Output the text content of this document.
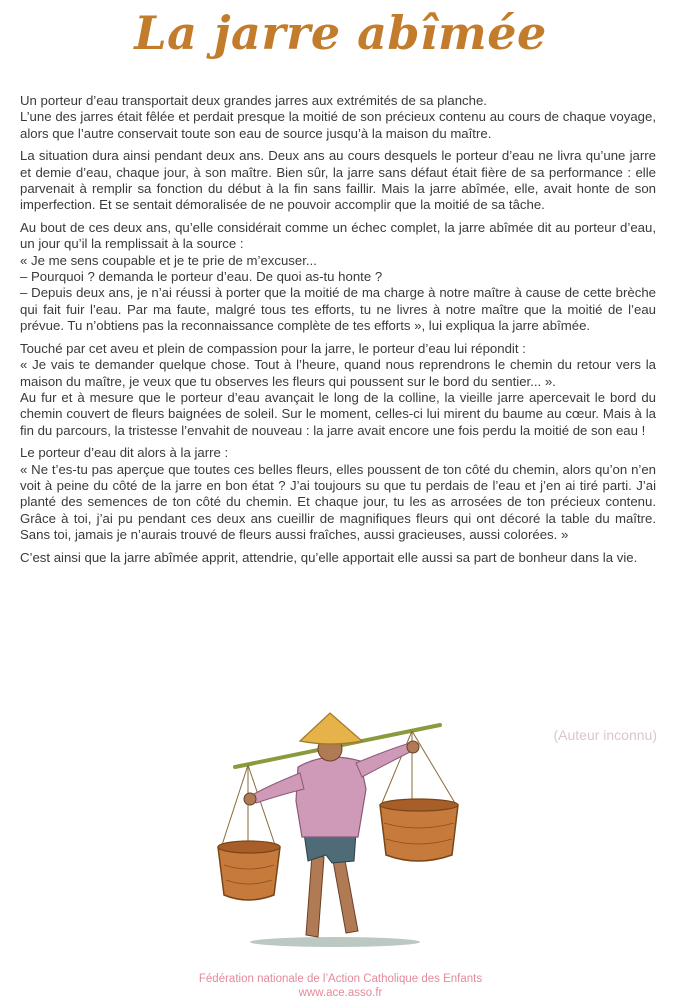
La jarre abîmée

Un porteur d’eau transportait deux grandes jarres aux extrémités de sa planche.
L’une des jarres était fêlée et perdait presque la moitié de son précieux contenu au cours de chaque voyage, alors que l’autre conservait toute son eau de source jusqu’à la maison du maître.

La situation dura ainsi pendant deux ans. Deux ans au cours desquels le porteur d’eau ne livra qu’une jarre et demie d’eau, chaque jour, à son maître. Bien sûr, la jarre sans défaut était fière de sa performance : elle parvenait à remplir sa fonction du début à la fin sans faillir. Mais la jarre abîmée, elle, avait honte de son imperfection. Et se sentait démoralisée de ne pouvoir accomplir que la moitié de sa tâche.

Au bout de ces deux ans, qu’elle considérait comme un échec complet, la jarre abîmée dit au porteur d’eau, un jour qu’il la remplissait à la source :
« Je me sens coupable et je te prie de m’excuser...
– Pourquoi ? demanda le porteur d’eau. De quoi as-tu honte ?
– Depuis deux ans, je n’ai réussi à porter que la moitié de ma charge à notre maître à cause de cette brèche qui fait fuir l’eau. Par ma faute, malgré tous tes efforts, tu ne livres à notre maître que la moitié de l’eau prévue. Tu n’obtiens pas la reconnaissance complète de tes efforts », lui expliqua la jarre abîmée.

Touché par cet aveu et plein de compassion pour la jarre, le porteur d’eau lui répondit :
« Je vais te demander quelque chose. Tout à l’heure, quand nous reprendrons le chemin du retour vers la maison du maître, je veux que tu observes les fleurs qui poussent sur le bord du sentier... ».
Au fur et à mesure que le porteur d’eau avançait le long de la colline, la vieille jarre apercevait le bord du chemin couvert de fleurs baignées de soleil. Sur le moment, celles-ci lui mirent du baume au cœur. Mais à la fin du parcours, la tristesse l’envahit de nouveau : la jarre avait encore une fois perdu la moitié de son eau !

Le porteur d’eau dit alors à la jarre :
« Ne t’es-tu pas aperçue que toutes ces belles fleurs, elles poussent de ton côté du chemin, alors qu’on n’en voit à peine du côté de la jarre en bon état ? J’ai toujours su que tu perdais de l’eau et j’en ai tiré parti. J’ai planté des semences de ton côté du chemin. Et chaque jour, tu les as arrosées de ton précieux contenu. Grâce à toi, j’ai pu pendant ces deux ans cueillir de magnifiques fleurs qui ont décoré la table du maître. Sans toi, jamais je n’aurais trouvé de fleurs aussi fraîches, aussi gracieuses, aussi colorées. »

C’est ainsi que la jarre abîmée apprit, attendrie, qu’elle apportait elle aussi sa part de bonheur dans la vie.

(Auteur inconnu)
Fédération nationale de l’Action Catholique des Enfants
www.ace.asso.fr
